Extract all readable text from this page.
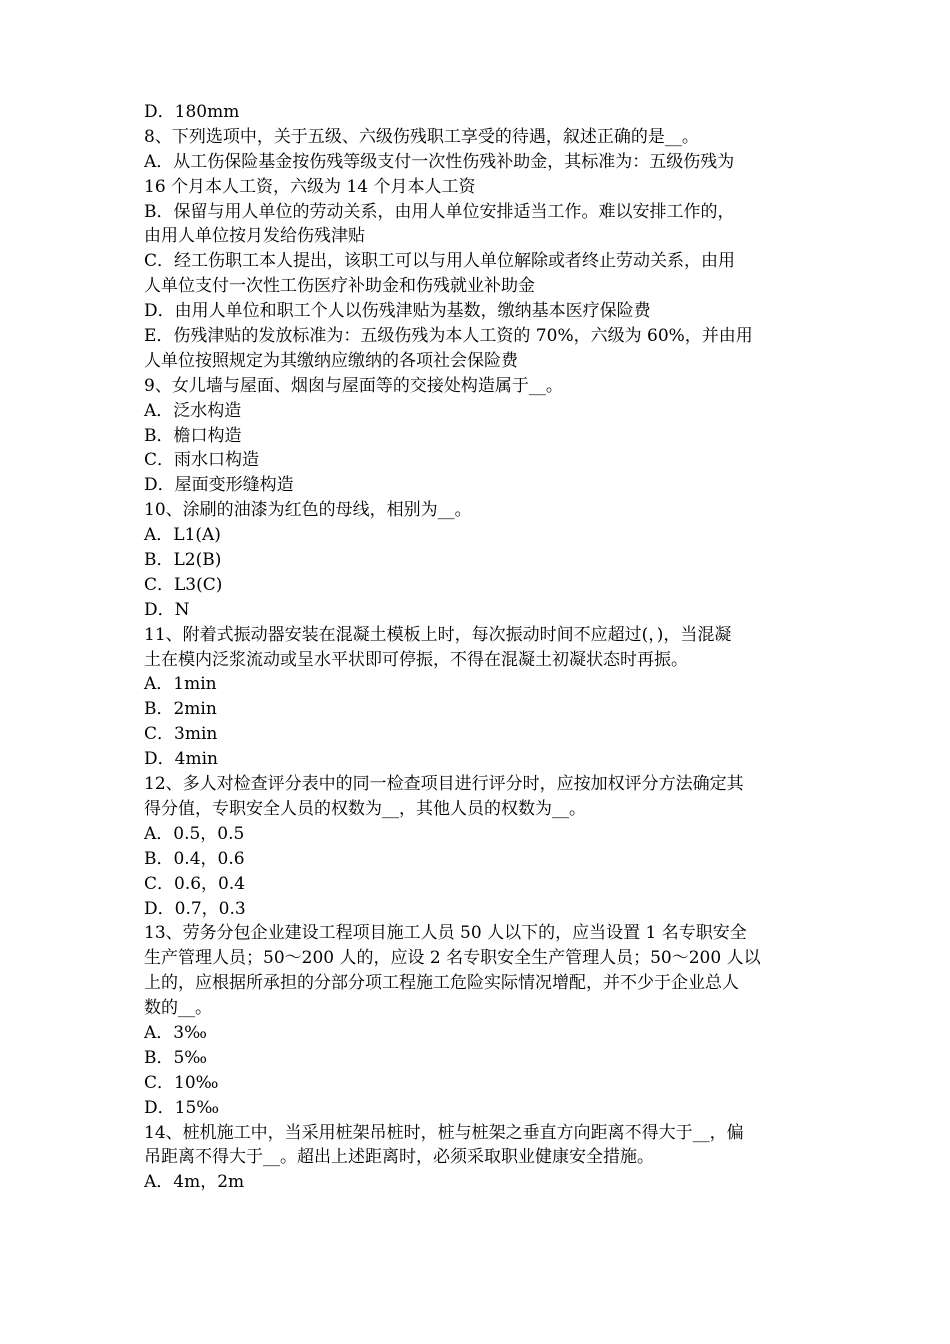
D．180mm
8、下列选项中，关于五级、六级伤残职工享受的待遇，叙述正确的是__。
A．从工伤保险基金按伤残等级支付一次性伤残补助金，其标准为：五级伤残为
16 个月本人工资，六级为 14 个月本人工资
B．保留与用人单位的劳动关系，由用人单位安排适当工作。难以安排工作的，
由用人单位按月发给伤残津贴
C．经工伤职工本人提出，该职工可以与用人单位解除或者终止劳动关系，由用
人单位支付一次性工伤医疗补助金和伤残就业补助金
D．由用人单位和职工个人以伤残津贴为基数，缴纳基本医疗保险费
E．伤残津贴的发放标准为：五级伤残为本人工资的 70%，六级为 60%，并由用
人单位按照规定为其缴纳应缴纳的各项社会保险费
9、女儿墙与屋面、烟囱与屋面等的交接处构造属于__。
A．泛水构造
B．檐口构造
C．雨水口构造
D．屋面变形缝构造
10、涂刷的油漆为红色的母线，相别为__。
A．L1(A)
B．L2(B)
C．L3(C)
D．N
11、附着式振动器安装在混凝土模板上时，每次振动时间不应超过(，)，当混凝
土在模内泛浆流动或呈水平状即可停振，不得在混凝土初凝状态时再振。
A．1min
B．2min
C．3min
D．4min
12、多人对检查评分表中的同一检查项目进行评分时，应按加权评分方法确定其
得分值，专职安全人员的权数为__，其他人员的权数为__。
A．0.5，0.5
B．0.4，0.6
C．0.6，0.4
D．0.7，0.3
13、劳务分包企业建设工程项目施工人员 50 人以下的，应当设置 1 名专职安全
生产管理人员；50～200 人的，应设 2 名专职安全生产管理人员；50～200 人以
上的，应根据所承担的分部分项工程施工危险实际情况增配，并不少于企业总人
数的__。
A．3‰
B．5‰
C．10‰
D．15‰
14、桩机施工中，当采用桩架吊桩时，桩与桩架之垂直方向距离不得大于__，偏
吊距离不得大于__。超出上述距离时，必须采取职业健康安全措施。
A．4m，2m
